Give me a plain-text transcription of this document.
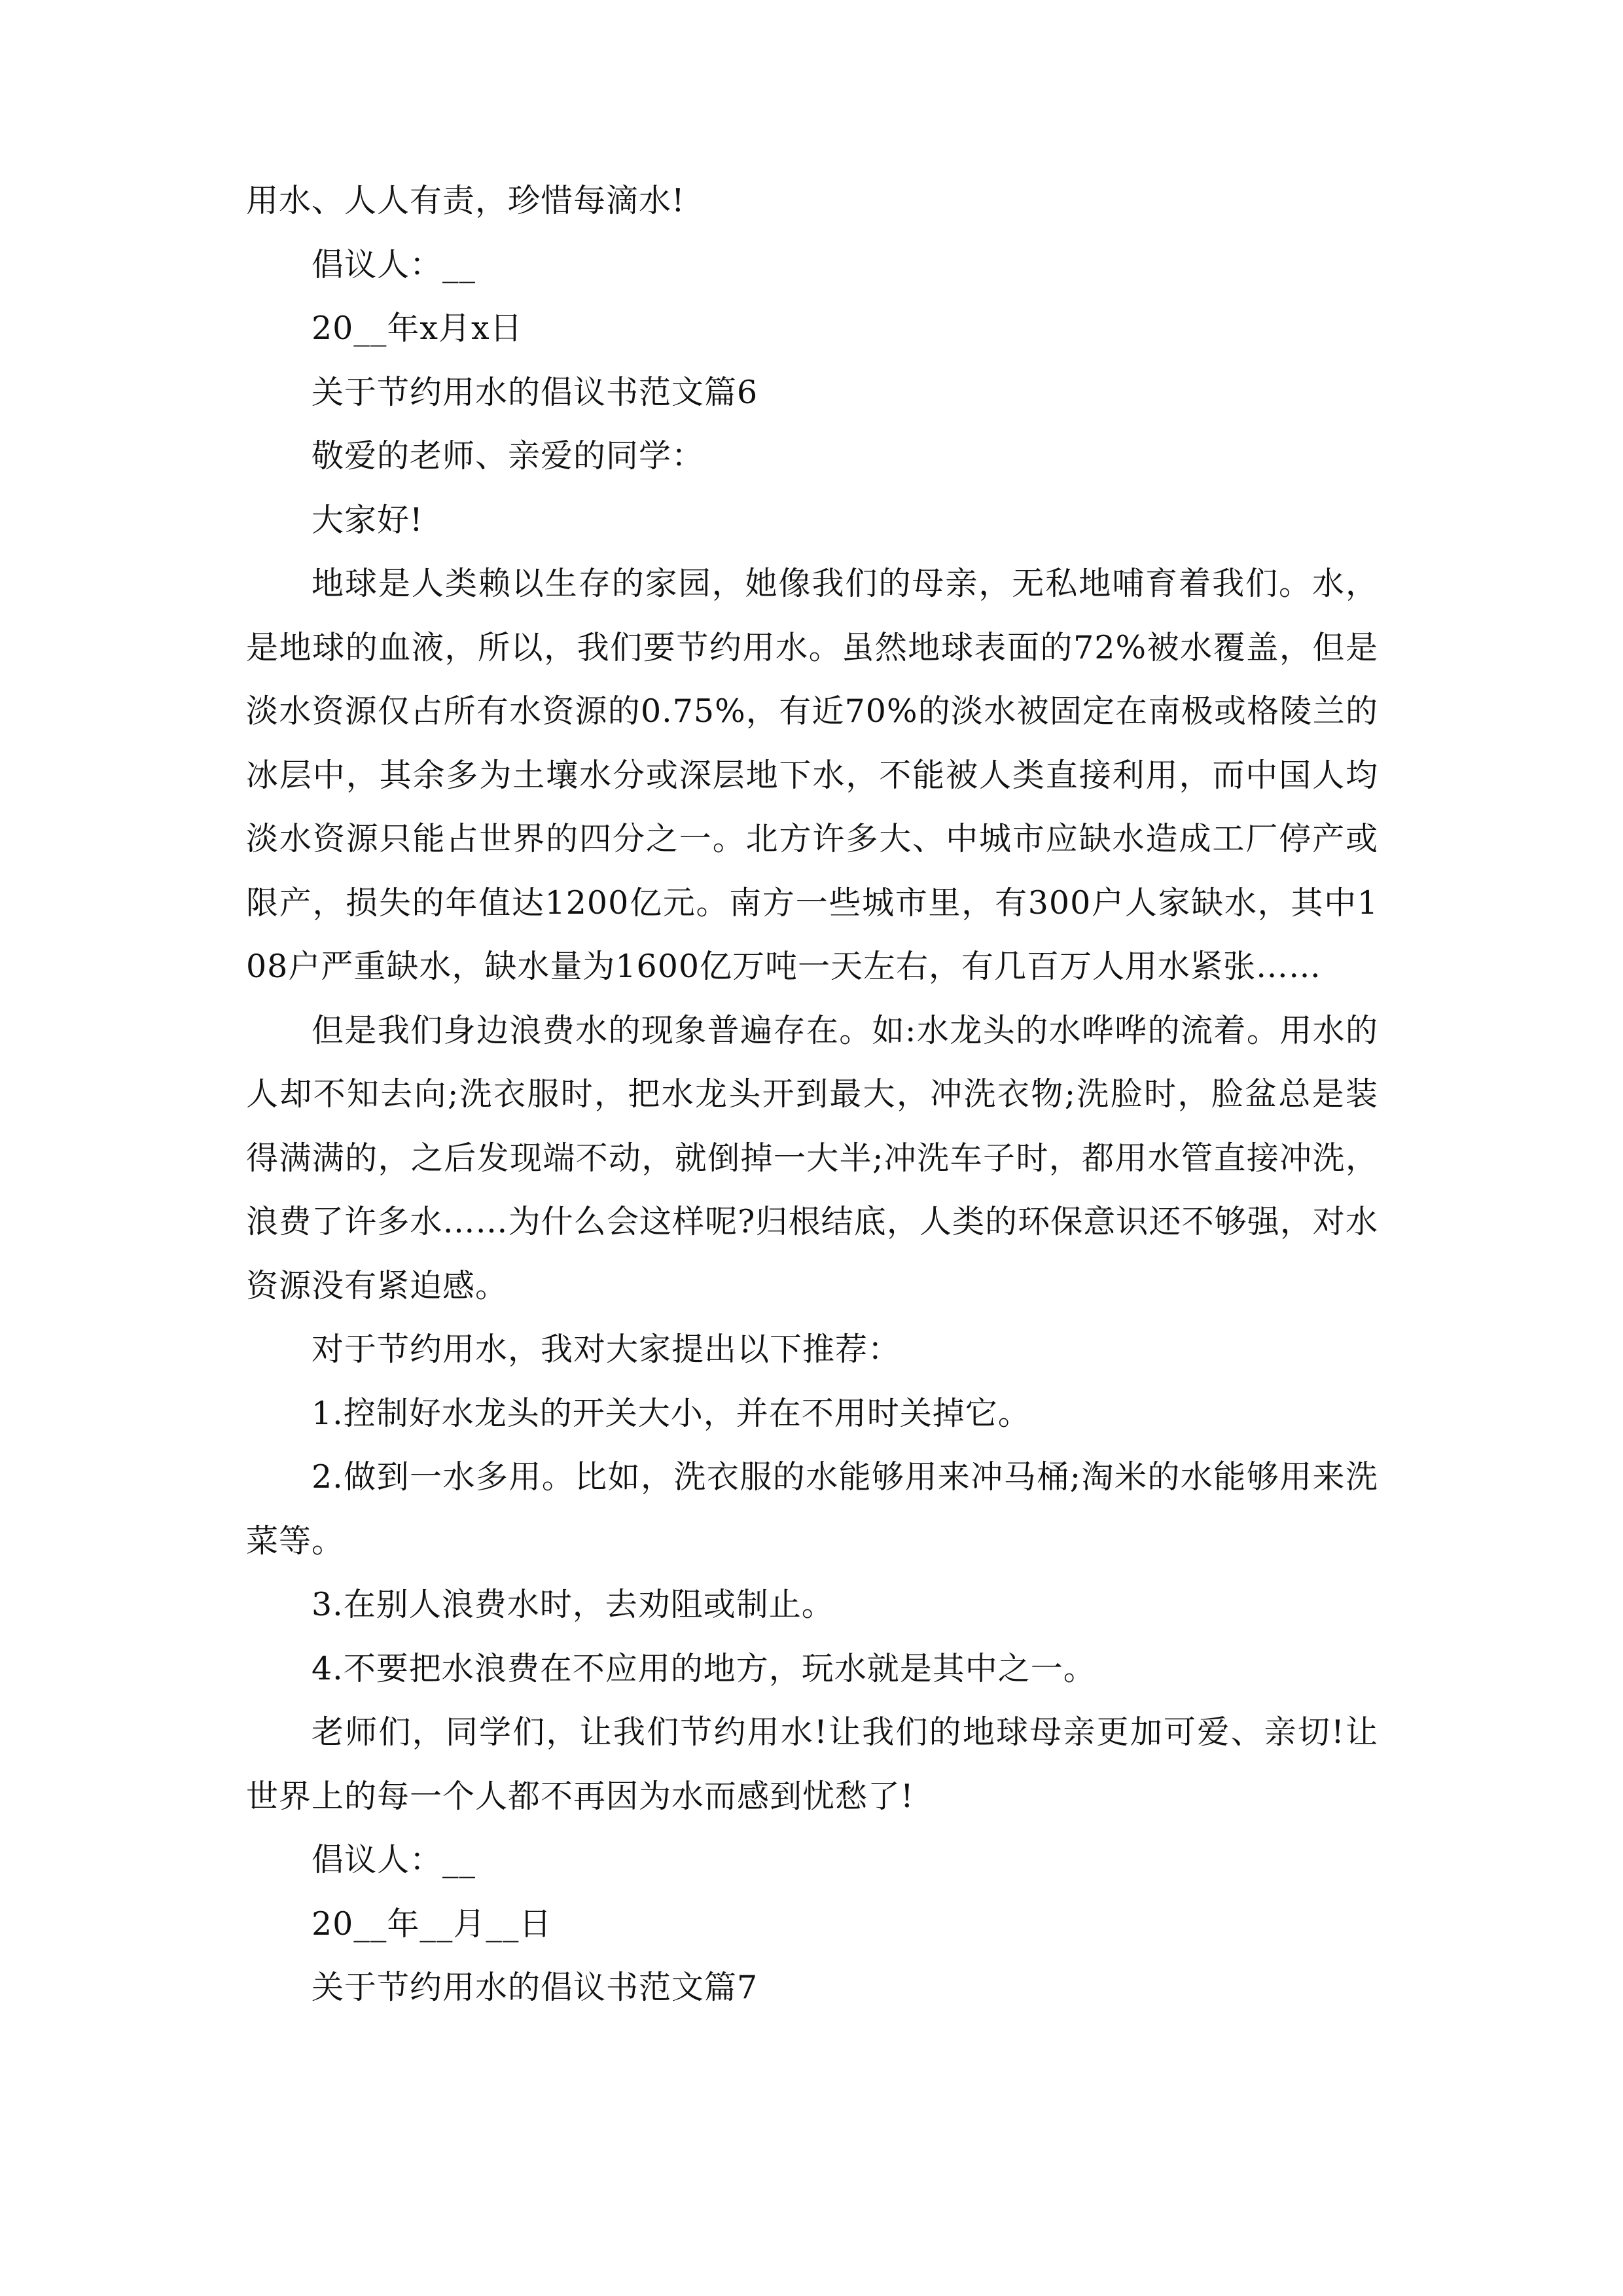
用水、人人有责，珍惜每滴水!

倡议人：__

20__年x月x日

关于节约用水的倡议书范文篇6

敬爱的老师、亲爱的同学：

大家好!

地球是人类赖以生存的家园，她像我们的母亲，无私地哺育着我们。水，是地球的血液，所以，我们要节约用水。虽然地球表面的72%被水覆盖，但是淡水资源仅占所有水资源的0.75%，有近70%的淡水被固定在南极或格陵兰的冰层中，其余多为土壤水分或深层地下水，不能被人类直接利用，而中国人均淡水资源只能占世界的四分之一。北方许多大、中城市应缺水造成工厂停产或限产，损失的年值达1200亿元。南方一些城市里，有300户人家缺水，其中108户严重缺水，缺水量为1600亿万吨一天左右，有几百万人用水紧张……

但是我们身边浪费水的现象普遍存在。如:水龙头的水哗哗的流着。用水的人却不知去向;洗衣服时，把水龙头开到最大，冲洗衣物;洗脸时，脸盆总是装得满满的，之后发现端不动，就倒掉一大半;冲洗车子时，都用水管直接冲洗，浪费了许多水……为什么会这样呢?归根结底，人类的环保意识还不够强，对水资源没有紧迫感。

对于节约用水，我对大家提出以下推荐：

1.控制好水龙头的开关大小，并在不用时关掉它。

2.做到一水多用。比如，洗衣服的水能够用来冲马桶;淘米的水能够用来洗菜等。

3.在别人浪费水时，去劝阻或制止。

4.不要把水浪费在不应用的地方，玩水就是其中之一。

老师们，同学们，让我们节约用水!让我们的地球母亲更加可爱、亲切!让世界上的每一个人都不再因为水而感到忧愁了!

倡议人：__

20__年__月__日

关于节约用水的倡议书范文篇7
